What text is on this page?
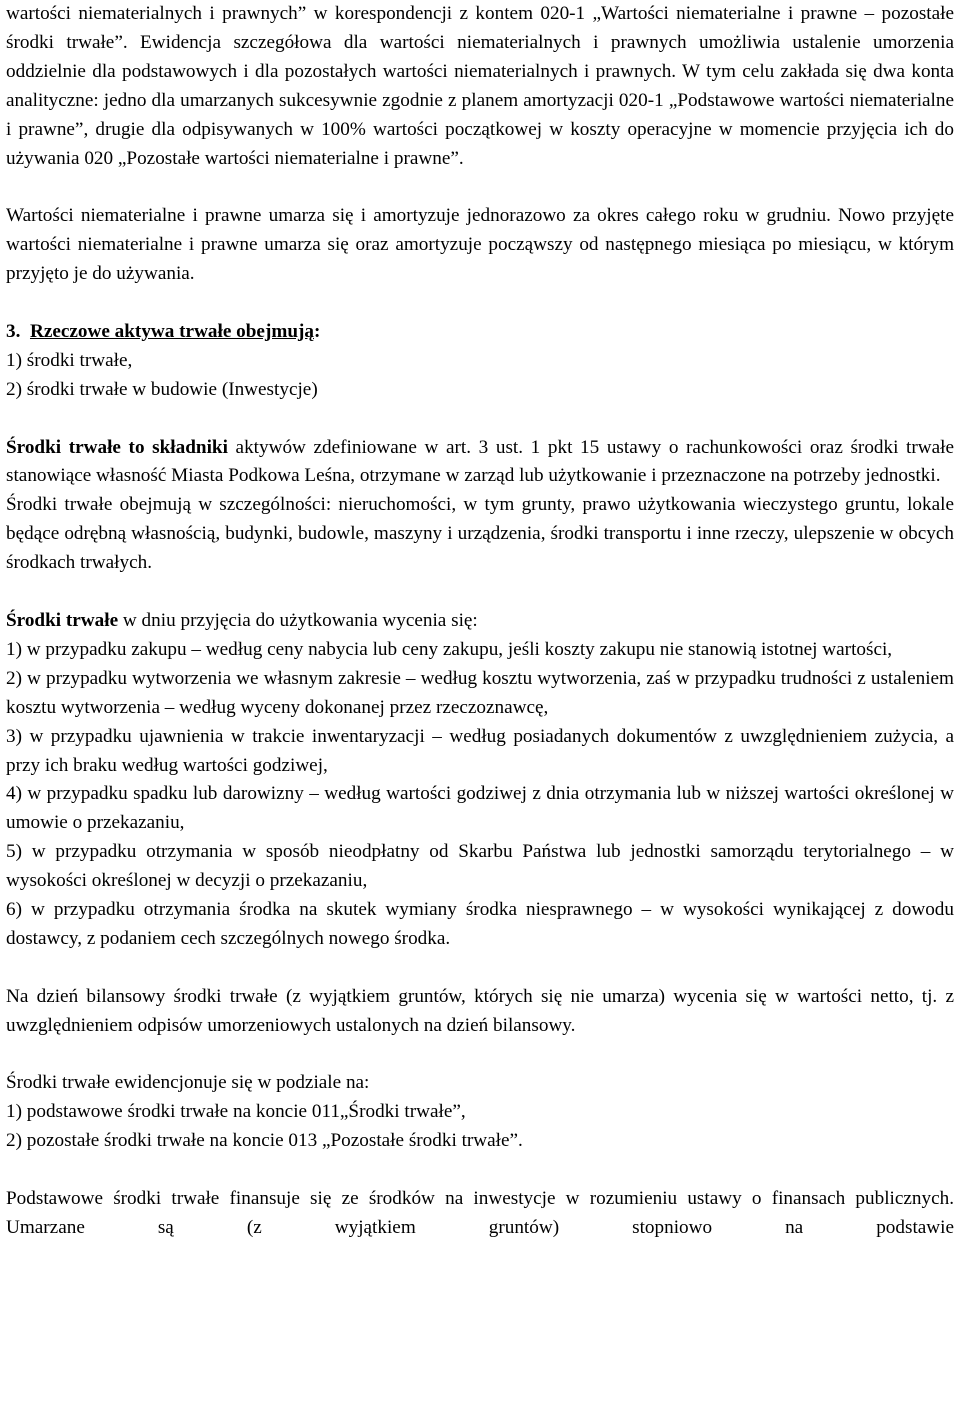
wartości niematerialnych i prawnych” w korespondencji z kontem 020-1 „Wartości niematerialne i prawne – pozostałe środki trwałe”. Ewidencja szczegółowa dla wartości niematerialnych i prawnych umożliwia ustalenie umorzenia oddzielnie dla podstawowych i dla pozostałych wartości niematerialnych i prawnych. W tym celu zakłada się dwa konta analityczne: jedno dla umarzanych sukcesywnie zgodnie z planem amortyzacji 020-1 „Podstawowe wartości niematerialne i prawne”, drugie dla odpisywanych w 100% wartości początkowej w koszty operacyjne w momencie przyjęcia ich do używania 020 „Pozostałe wartości niematerialne i prawne”.

Wartości niematerialne i prawne umarza się i amortyzuje jednorazowo za okres całego roku w grudniu. Nowo przyjęte wartości niematerialne i prawne umarza się oraz amortyzuje począwszy od następnego miesiąca po miesiącu, w którym przyjęto je do używania.

3. Rzeczowe aktywa trwałe obejmują:
1) środki trwałe,
2) środki trwałe w budowie (Inwestycje)

Środki trwałe to składniki aktywów zdefiniowane w art. 3 ust. 1 pkt 15 ustawy o rachunkowości oraz środki trwałe stanowiące własność Miasta Podkowa Leśna, otrzymane w zarząd lub użytkowanie i przeznaczone na potrzeby jednostki.

Środki trwałe obejmują w szczególności: nieruchomości, w tym grunty, prawo użytkowania wieczystego gruntu, lokale będące odrębną własnością, budynki, budowle, maszyny i urządzenia, środki transportu i inne rzeczy, ulepszenie w obcych środkach trwałych.

Środki trwałe w dniu przyjęcia do użytkowania wycenia się:

1) w przypadku zakupu – według ceny nabycia lub ceny zakupu, jeśli koszty zakupu nie stanowią istotnej wartości,

2) w przypadku wytworzenia we własnym zakresie – według kosztu wytworzenia, zaś w przypadku trudności z ustaleniem kosztu wytworzenia – według wyceny dokonanej przez rzeczoznawcę,

3) w przypadku ujawnienia w trakcie inwentaryzacji – według posiadanych dokumentów z uwzględnieniem zużycia, a przy ich braku według wartości godziwej,

4) w przypadku spadku lub darowizny – według wartości godziwej z dnia otrzymania lub w niższej wartości określonej w umowie o przekazaniu,

5) w przypadku otrzymania w sposób nieodpłatny od Skarbu Państwa lub jednostki samorządu terytorialnego – w wysokości określonej w decyzji o przekazaniu,

6) w przypadku otrzymania środka na skutek wymiany środka niesprawnego – w wysokości wynikającej z dowodu dostawcy, z podaniem cech szczególnych nowego środka.

Na dzień bilansowy środki trwałe (z wyjątkiem gruntów, których się nie umarza) wycenia się w wartości netto, tj. z uwzględnieniem odpisów umorzeniowych ustalonych na dzień bilansowy.

Środki trwałe ewidencjonuje się w podziale na:
1) podstawowe środki trwałe na koncie 011„Środki trwałe”,
2) pozostałe środki trwałe na koncie 013 „Pozostałe środki trwałe”.

Podstawowe środki trwałe finansuje się ze środków na inwestycje w rozumieniu ustawy o finansach publicznych. Umarzane są (z wyjątkiem gruntów) stopniowo na podstawie
